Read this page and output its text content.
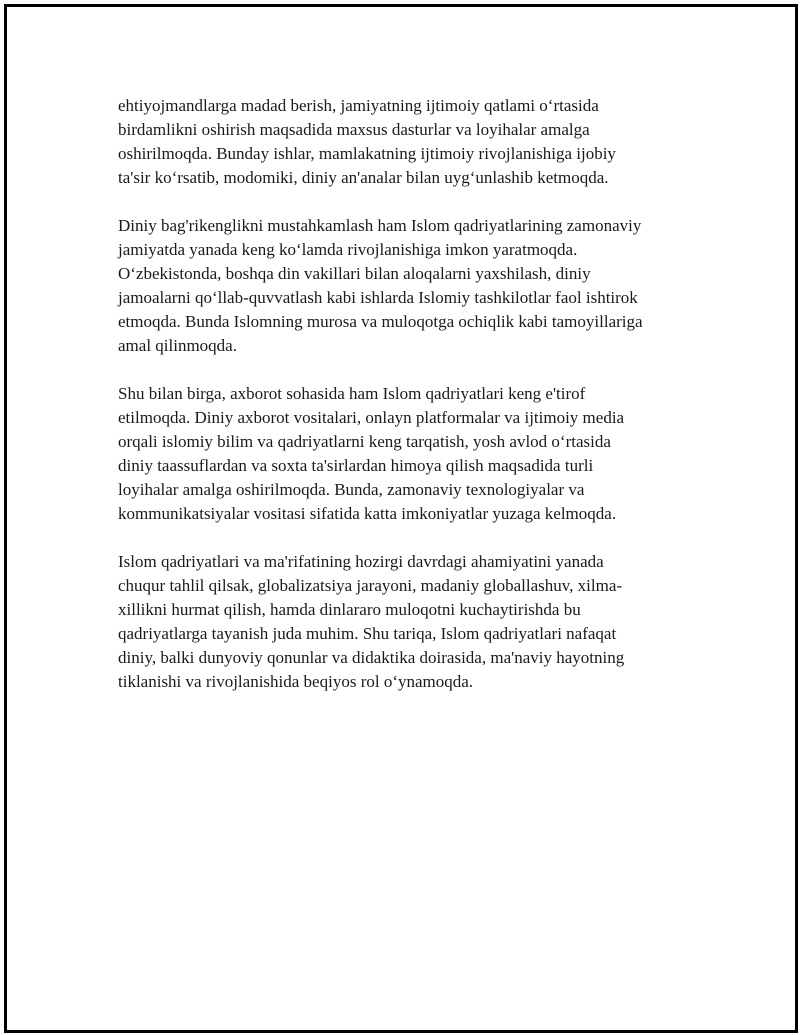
ehtiyojmandlarga madad berish, jamiyatning ijtimoiy qatlami o‘rtasida
birdamlikni oshirish maqsadida maxsus dasturlar va loyihalar amalga
oshirilmoqda. Bunday ishlar, mamlakatning ijtimoiy rivojlanishiga ijobiy
ta'sir ko‘rsatib, modomiki, diniy an'analar bilan uyg‘unlashib ketmoqda.

Diniy bag'rikenglikni mustahkamlash ham Islom qadriyatlarining zamonaviy
jamiyatda yanada keng ko‘lamda rivojlanishiga imkon yaratmoqda.
O‘zbekistonda, boshqa din vakillari bilan aloqalarni yaxshilash, diniy
jamoalarni qo‘llab-quvvatlash kabi ishlarda Islomiy tashkilotlar faol ishtirok
etmoqda. Bunda Islomning murosa va muloqotga ochiqlik kabi tamoyillariga
amal qilinmoqda.

Shu bilan birga, axborot sohasida ham Islom qadriyatlari keng e'tirof
etilmoqda. Diniy axborot vositalari, onlayn platformalar va ijtimoiy media
orqali islomiy bilim va qadriyatlarni keng tarqatish, yosh avlod o‘rtasida
diniy taassuflardan va soxta ta'sirlardan himoya qilish maqsadida turli
loyihalar amalga oshirilmoqda. Bunda, zamonaviy texnologiyalar va
kommunikatsiyalar vositasi sifatida katta imkoniyatlar yuzaga kelmoqda.

Islom qadriyatlari va ma'rifatining hozirgi davrdagi ahamiyatini yanada
chuqur tahlil qilsak, globalizatsiya jarayoni, madaniy globallashuv, xilma-
xillikni hurmat qilish, hamda dinlararo muloqotni kuchaytirishda bu
qadriyatlarga tayanish juda muhim. Shu tariqa, Islom qadriyatlari nafaqat
diniy, balki dunyoviy qonunlar va didaktika doirasida, ma'naviy hayotning
tiklanishi va rivojlanishida beqiyos rol o‘ynamoqda.
